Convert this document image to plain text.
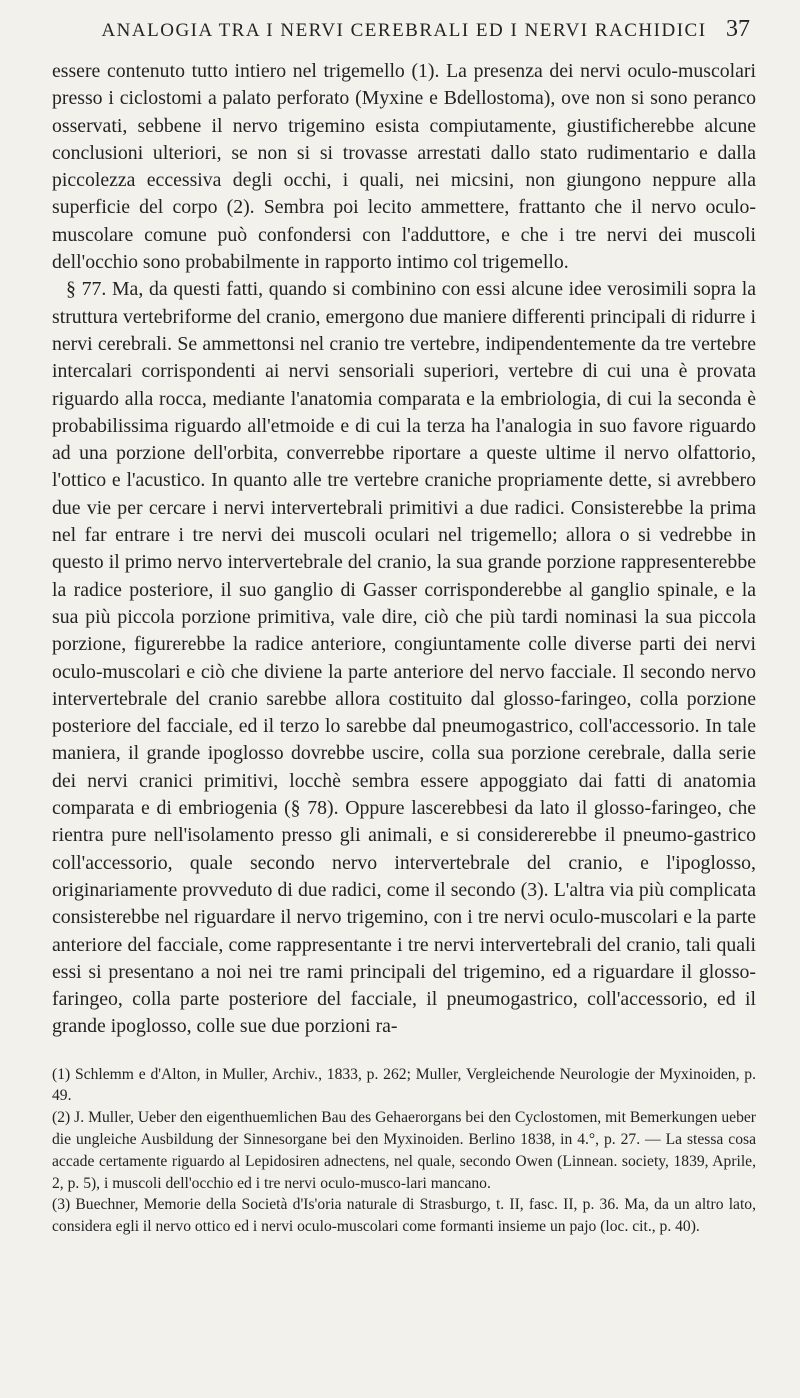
ANALOGIA TRA I NERVI CEREBRALI ED I NERVI RACHIDICI 37

essere contenuto tutto intiero nel trigemello (1). La presenza dei nervi oculo-muscolari presso i ciclostomi a palato perforato (Myxine e Bdellostoma), ove non si sono peranco osservati, sebbene il nervo trigemino esista compiutamente, giustificherebbe alcune conclusioni ulteriori, se non si si trovasse arrestati dallo stato rudimentario e dalla piccolezza eccessiva degli occhi, i quali, nei micsini, non giungono neppure alla superficie del corpo (2). Sembra poi lecito ammettere, frattanto che il nervo oculo-muscolare comune può confondersi con l'adduttore, e che i tre nervi dei muscoli dell'occhio sono probabilmente in rapporto intimo col trigemello.

§ 77. Ma, da questi fatti, quando si combinino con essi alcune idee verosimili sopra la struttura vertebriforme del cranio, emergono due maniere differenti principali di ridurre i nervi cerebrali. Se ammettonsi nel cranio tre vertebre, indipendentemente da tre vertebre intercalari corrispondenti ai nervi sensoriali superiori, vertebre di cui una è provata riguardo alla rocca, mediante l'anatomia comparata e la embriologia, di cui la seconda è probabilissima riguardo all'etmoide e di cui la terza ha l'analogia in suo favore riguardo ad una porzione dell'orbita, converrebbe riportare a queste ultime il nervo olfattorio, l'ottico e l'acustico. In quanto alle tre vertebre craniche propriamente dette, si avrebbero due vie per cercare i nervi intervertebrali primitivi a due radici. Consisterebbe la prima nel far entrare i tre nervi dei muscoli oculari nel trigemello; allora o si vedrebbe in questo il primo nervo intervertebrale del cranio, la sua grande porzione rappresenterebbe la radice posteriore, il suo ganglio di Gasser corrisponderebbe al ganglio spinale, e la sua più piccola porzione primitiva, vale dire, ciò che più tardi nominasi la sua piccola porzione, figurerebbe la radice anteriore, congiuntamente colle diverse parti dei nervi oculo-muscolari e ciò che diviene la parte anteriore del nervo facciale. Il secondo nervo intervertebrale del cranio sarebbe allora costituito dal glosso-faringeo, colla porzione posteriore del facciale, ed il terzo lo sarebbe dal pneumogastrico, coll'accessorio. In tale maniera, il grande ipoglosso dovrebbe uscire, colla sua porzione cerebrale, dalla serie dei nervi cranici primitivi, locchè sembra essere appoggiato dai fatti di anatomia comparata e di embriogenia (§ 78). Oppure lascerebbesi da lato il glosso-faringeo, che rientra pure nell'isolamento presso gli animali, e si considererebbe il pneumo-gastrico coll'accessorio, quale secondo nervo intervertebrale del cranio, e l'ipoglosso, originariamente provveduto di due radici, come il secondo (3). L'altra via più complicata consisterebbe nel riguardare il nervo trigemino, con i tre nervi oculo-muscolari e la parte anteriore del facciale, come rappresentante i tre nervi intervertebrali del cranio, tali quali essi si presentano a noi nei tre rami principali del trigemino, ed a riguardare il glosso-faringeo, colla parte posteriore del facciale, il pneumogastrico, coll'accessorio, ed il grande ipoglosso, colle sue due porzioni ra-

(1) Schlemm e d'Alton, in Muller, Archiv., 1833, p. 262; Muller, Vergleichende Neurologie der Myxinoiden, p. 49.

(2) J. Muller, Ueber den eigenthuemlichen Bau des Gehaerorgans bei den Cyclostomen, mit Bemerkungen ueber die ungleiche Ausbildung der Sinnesorgane bei den Myxinoiden. Berlino 1838, in 4.°, p. 27. — La stessa cosa accade certamente riguardo al Lepidosiren adnectens, nel quale, secondo Owen (Linnean. society, 1839, Aprile, 2, p. 5), i muscoli dell'occhio ed i tre nervi oculo-musco-lari mancano.

(3) Buechner, Memorie della Società d'Is'oria naturale di Strasburgo, t. II, fasc. II, p. 36. Ma, da un altro lato, considera egli il nervo ottico ed i nervi oculo-muscolari come formanti insieme un pajo (loc. cit., p. 40).
